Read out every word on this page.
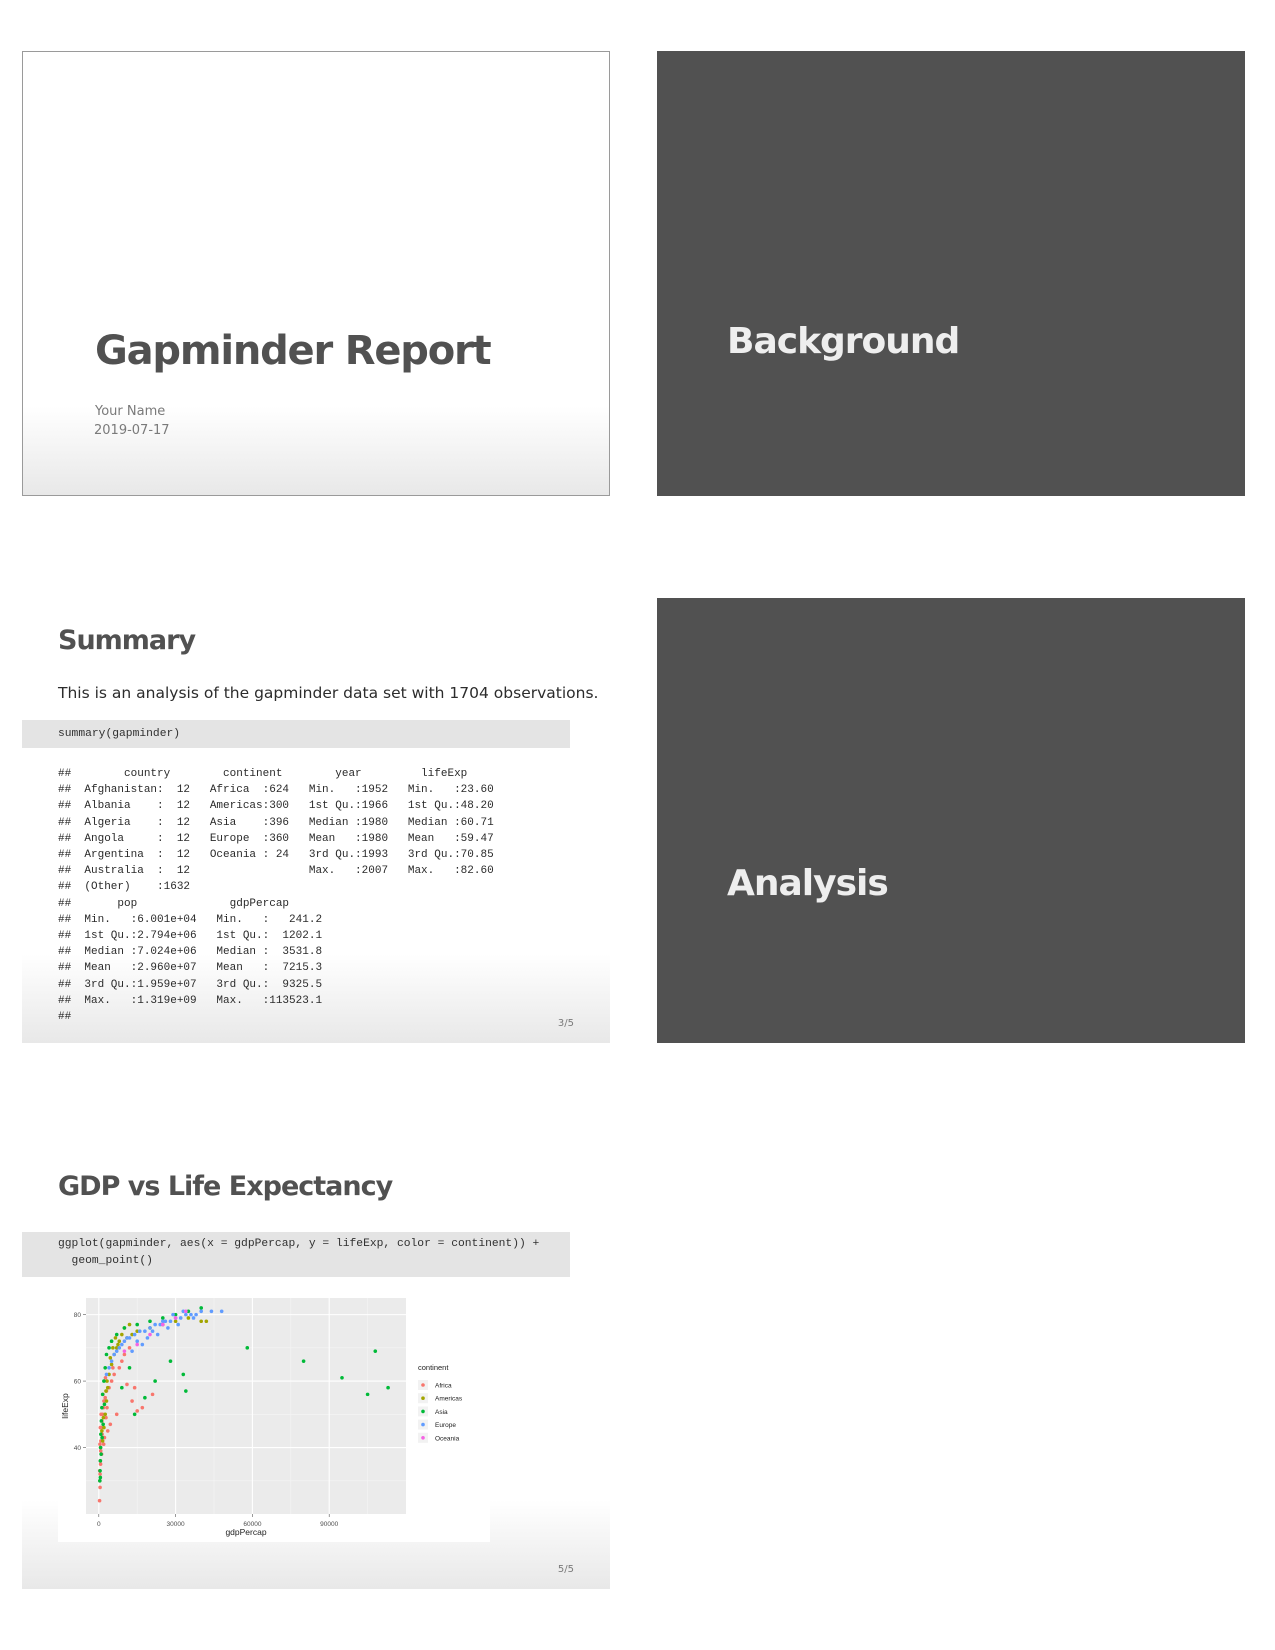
Gapminder Report
Your Name
2019-07-17
Background
Summary
This is an analysis of the gapminder data set with 1704 observations.
summary(gapminder)
##        country        continent        year         lifeExp
##  Afghanistan:  12   Africa  :624   Min.   :1952   Min.   :23.60
##  Albania    :  12   Americas:300   1st Qu.:1966   1st Qu.:48.20
##  Algeria    :  12   Asia    :396   Median :1980   Median :60.71
##  Angola     :  12   Europe  :360   Mean   :1980   Mean   :59.47
##  Argentina  :  12   Oceania : 24   3rd Qu.:1993   3rd Qu.:70.85
##  Australia  :  12                  Max.   :2007   Max.   :82.60
##  (Other)    :1632
##       pop              gdpPercap
##  Min.   :6.001e+04   Min.   :   241.2
##  1st Qu.:2.794e+06   1st Qu.:  1202.1
##  Median :7.024e+06   Median :  3531.8
##  Mean   :2.960e+07   Mean   :  7215.3
##  3rd Qu.:1.959e+07   3rd Qu.:  9325.5
##  Max.   :1.319e+09   Max.   :113523.1
##
3/5
Analysis
GDP vs Life Expectancy
ggplot(gapminder, aes(x = gdpPercap, y = lifeExp, color = continent)) +
geom_point()
0	30000	60000	90000
40
60
80
gdpPercap
lifeExp
continent
Africa
Americas
Asia
Europe
Oceania
5/5
